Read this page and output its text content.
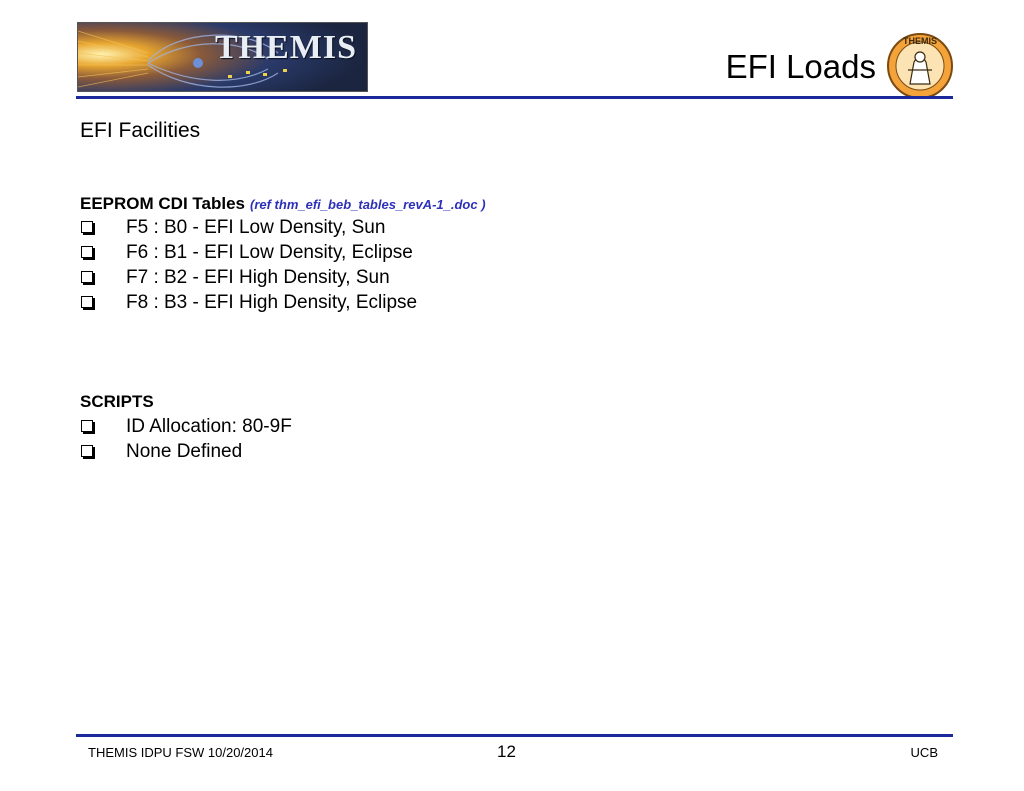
THEMIS
EFI Loads
THEMIS
EFI Facilities
EEPROM CDI Tables (ref thm_efi_beb_tables_revA-1_.doc )
F5 : B0 - EFI Low Density, Sun
F6 : B1 - EFI Low Density, Eclipse
F7 : B2 - EFI High Density, Sun
F8 : B3 - EFI High Density, Eclipse
SCRIPTS
ID Allocation: 80-9F
None Defined
THEMIS IDPU FSW 10/20/2014	12	UCB
